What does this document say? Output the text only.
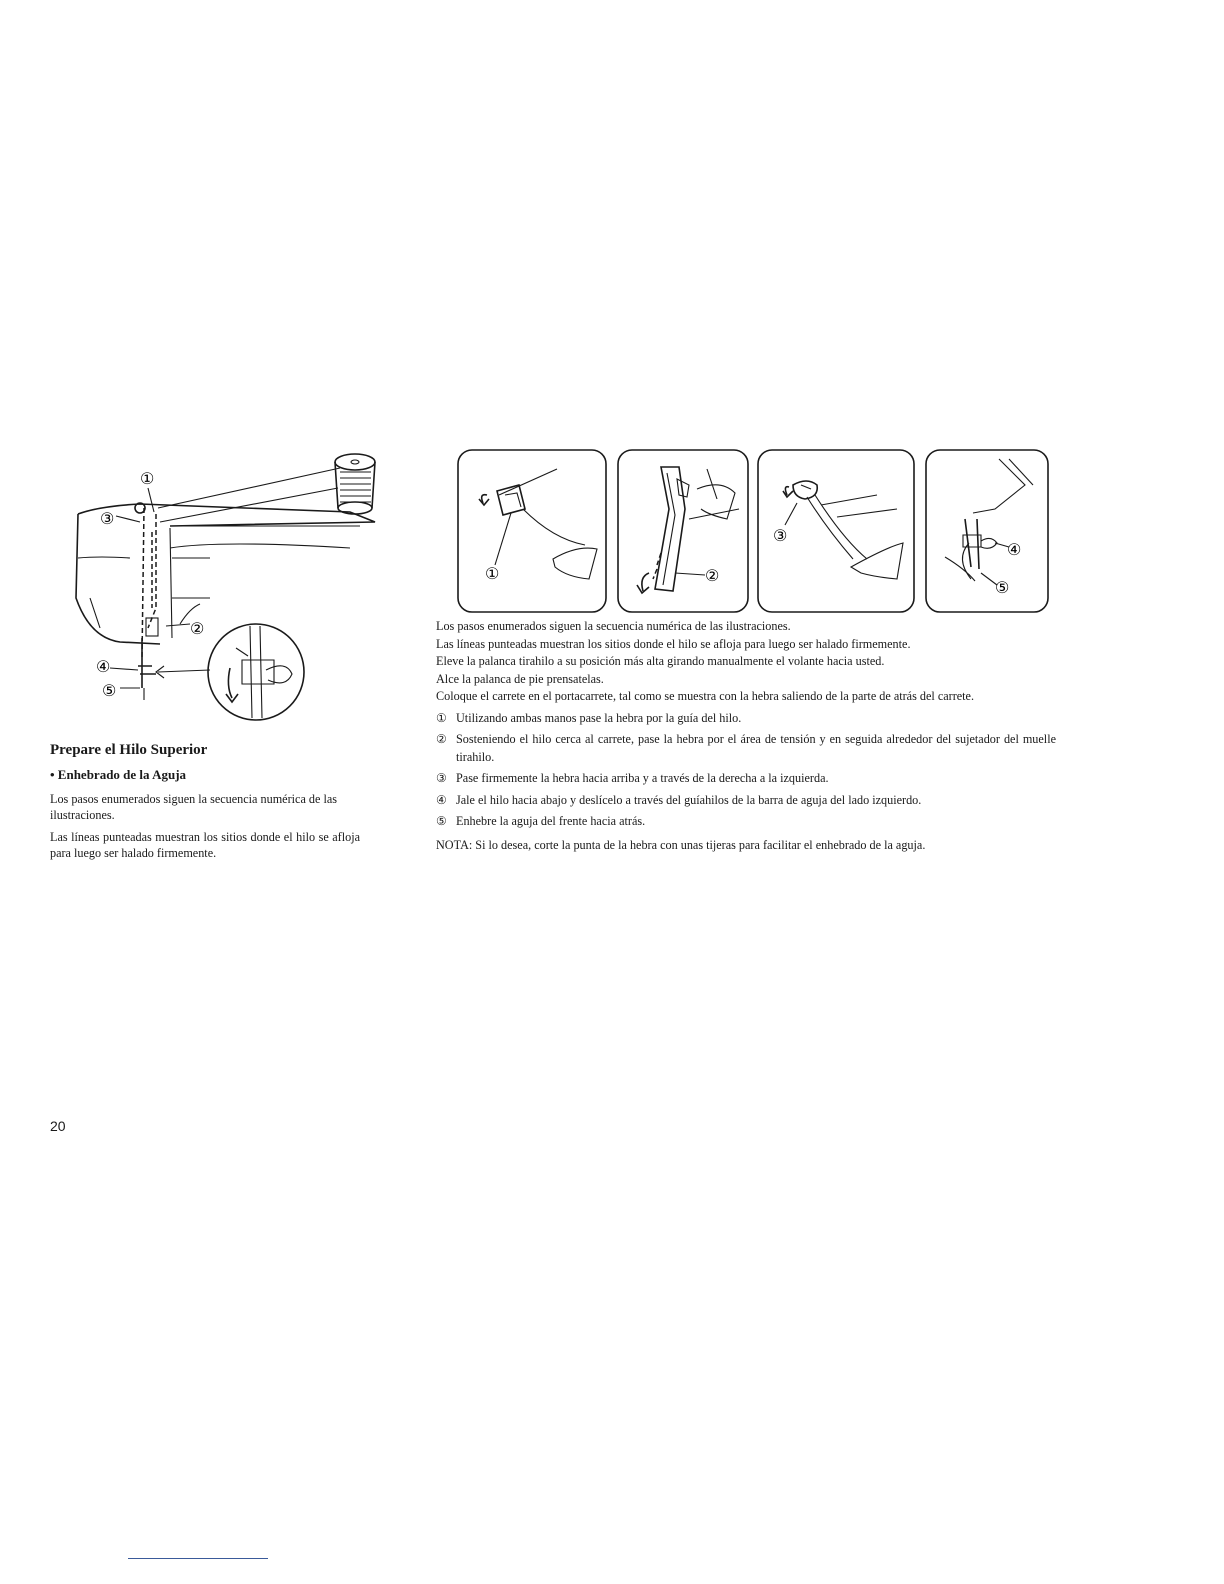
①
③
②
④
⑤
①	②
③
④
⑤

Prepare el Hilo Superior

• Enhebrado de la Aguja

Los pasos enumerados siguen la secuencia numérica de las ilustraciones.

Las líneas punteadas muestran los sitios donde el hilo se afloja para luego ser halado firmemente.

Los pasos enumerados siguen la secuencia numérica de las ilustraciones.

Las líneas punteadas muestran los sitios donde el hilo se afloja para luego ser halado firmemente.

Eleve la palanca tirahilo a su posición más alta girando manualmente el volante hacia usted.

Alce la palanca de pie prensatelas.

Coloque el carrete en el portacarrete, tal como se muestra con la hebra saliendo de la parte de atrás del carrete.

① Utilizando ambas manos pase la hebra por la guía del hilo.
② Sosteniendo el hilo cerca al carrete, pase la hebra por el área de tensión y en seguida alrededor del sujetador del muelle tirahilo.
③ Pase firmemente la hebra hacia arriba y a través de la derecha a la izquierda.
④ Jale el hilo hacia abajo y deslícelo a través del guíahilos de la barra de aguja del lado izquierdo.
⑤ Enhebre la aguja del frente hacia atrás.

NOTA: Si lo desea, corte la punta de la hebra con unas tijeras para facilitar el enhebrado de la aguja.

20
